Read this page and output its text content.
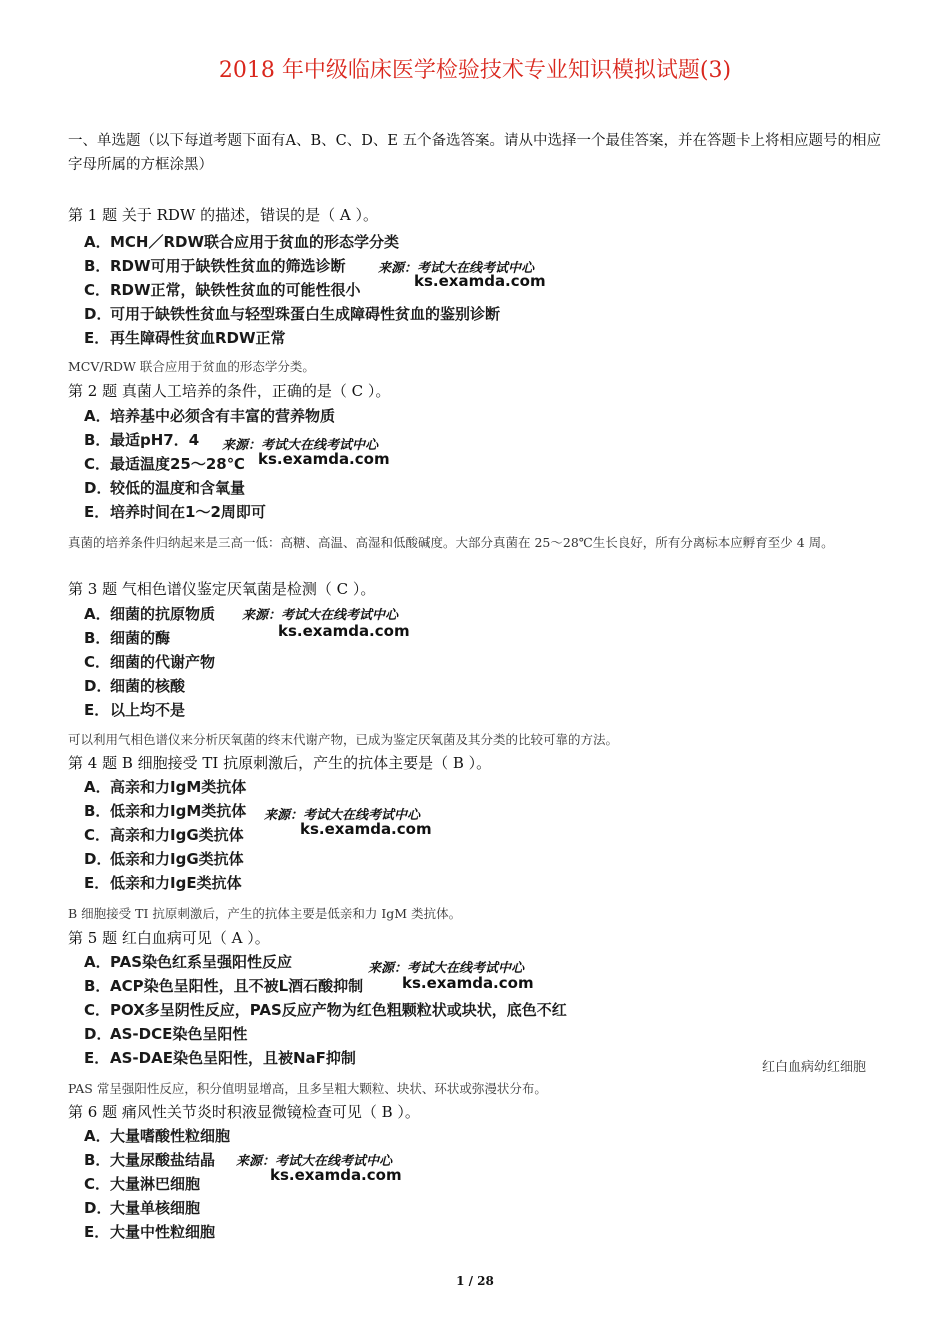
2018 年中级临床医学检验技术专业知识模拟试题(3)
一、单选题（以下每道考题下面有A、B、C、D、E 五个备选答案。请从中选择一个最佳答案，并在答题卡上将相应题号的相应字母所属的方框涂黑）
第 1 题 关于 RDW 的描述，错误的是（ A ）。
A．MCH／RDW联合应用于贫血的形态学分类
B．RDW可用于缺铁性贫血的筛选诊断
C．RDW正常，缺铁性贫血的可能性很小
D．可用于缺铁性贫血与轻型珠蛋白生成障碍性贫血的鉴别诊断
E．再生障碍性贫血RDW正常
来源：考试大在线考试中心
ks.examda.com
MCV/RDW 联合应用于贫血的形态学分类。
第 2 题 真菌人工培养的条件，正确的是（ C ）。
A．培养基中必须含有丰富的营养物质
B．最适pH7．4
C．最适温度25～28℃
D．较低的温度和含氧量
E．培养时间在1～2周即可
来源：考试大在线考试中心
ks.examda.com
真菌的培养条件归纳起来是三高一低：高糖、高温、高湿和低酸碱度。大部分真菌在 25～28℃生长良好，所有分离标本应孵育至少 4 周。
第 3 题 气相色谱仪鉴定厌氧菌是检测（ C ）。
A．细菌的抗原物质
B．细菌的酶
C．细菌的代谢产物
D．细菌的核酸
E．以上均不是
来源：考试大在线考试中心
ks.examda.com
可以利用气相色谱仪来分析厌氧菌的终末代谢产物，已成为鉴定厌氧菌及其分类的比较可靠的方法。
第 4 题 B 细胞接受 TI 抗原刺激后，产生的抗体主要是（ B ）。
A．高亲和力IgM类抗体
B．低亲和力IgM类抗体
C．高亲和力IgG类抗体
D．低亲和力IgG类抗体
E．低亲和力IgE类抗体
来源：考试大在线考试中心
ks.examda.com
B 细胞接受 TI 抗原刺激后，产生的抗体主要是低亲和力 IgM 类抗体。
第 5 题 红白血病可见（ A ）。
A．PAS染色红系呈强阳性反应
B．ACP染色呈阳性，且不被L酒石酸抑制
C．POX多呈阴性反应，PAS反应产物为红色粗颗粒状或块状，底色不红
D．AS-DCE染色呈阳性
E．AS-DAE染色呈阳性，且被NaF抑制
来源：考试大在线考试中心
ks.examda.com
红白血病幼红细胞
PAS 常呈强阳性反应，积分值明显增高，且多呈粗大颗粒、块状、环状或弥漫状分布。
第 6 题 痛风性关节炎时积液显微镜检查可见（ B ）。
A．大量嗜酸性粒细胞
B．大量尿酸盐结晶
C．大量淋巴细胞
D．大量单核细胞
E．大量中性粒细胞
来源：考试大在线考试中心
ks.examda.com
1 / 28
